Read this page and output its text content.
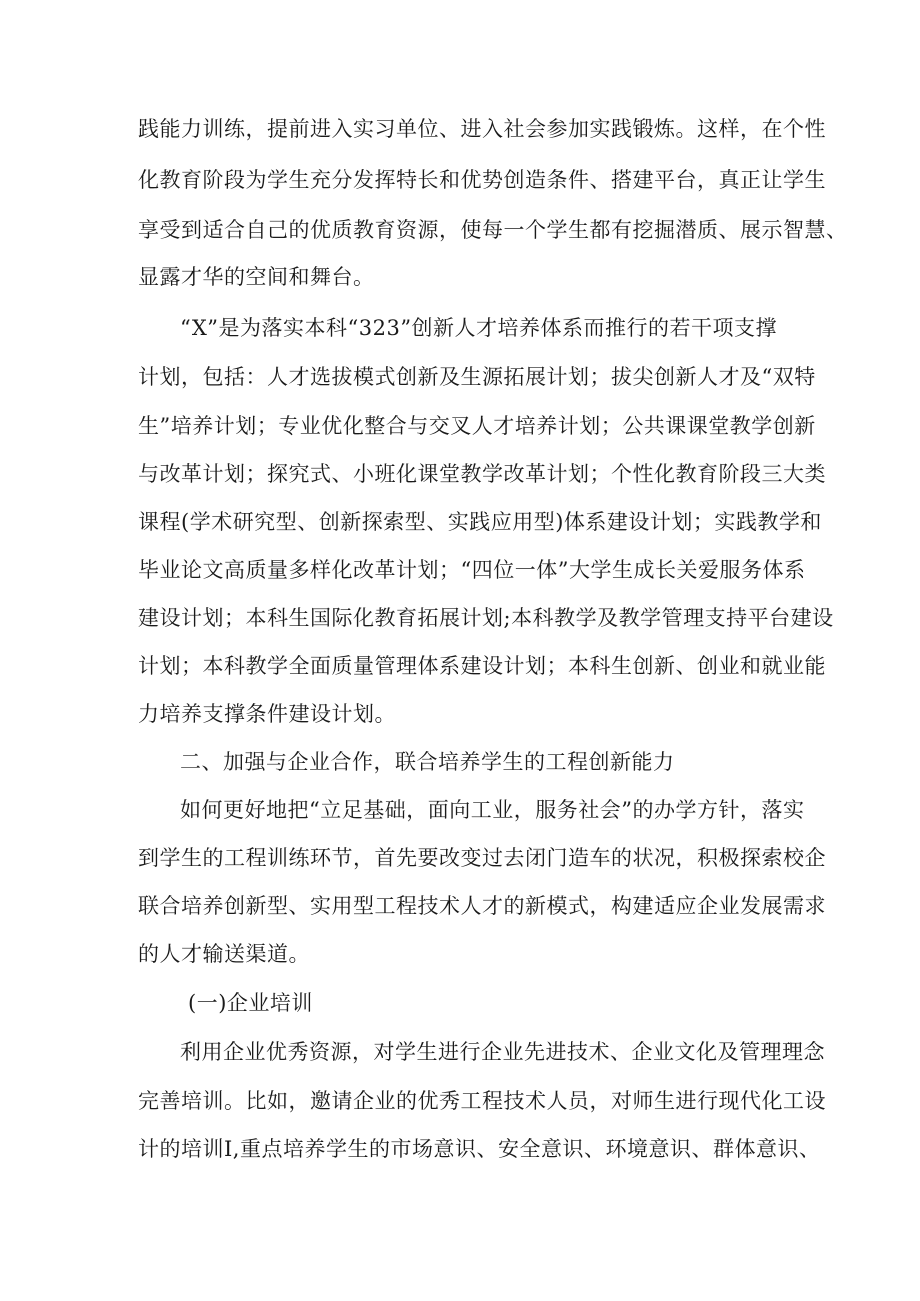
践能力训练，提前进入实习单位、进入社会参加实践锻炼。这样，在个性
化教育阶段为学生充分发挥特长和优势创造条件、搭建平台，真正让学生
享受到适合自己的优质教育资源，使每一个学生都有挖掘潜质、展示智慧、
显露才华的空间和舞台。
“X”是为落实本科“323”创新人才培养体系而推行的若干项支撑
计划，包括：人才选拔模式创新及生源拓展计划；拔尖创新人才及“双特
生”培养计划；专业优化整合与交叉人才培养计划；公共课课堂教学创新
与改革计划；探究式、小班化课堂教学改革计划；个性化教育阶段三大类
课程(学术研究型、创新探索型、实践应用型)体系建设计划；实践教学和
毕业论文高质量多样化改革计划；“四位一体”大学生成长关爱服务体系
建设计划；本科生国际化教育拓展计划;本科教学及教学管理支持平台建设
计划；本科教学全面质量管理体系建设计划；本科生创新、创业和就业能
力培养支撑条件建设计划。
二、加强与企业合作，联合培养学生的工程创新能力
如何更好地把“立足基础，面向工业，服务社会”的办学方针，落实
到学生的工程训练环节，首先要改变过去闭门造车的状况，积极探索校企
联合培养创新型、实用型工程技术人才的新模式，构建适应企业发展需求
的人才输送渠道。
(一)企业培训
利用企业优秀资源，对学生进行企业先进技术、企业文化及管理理念
完善培训。比如，邀请企业的优秀工程技术人员，对师生进行现代化工设
计的培训I,重点培养学生的市场意识、安全意识、环境意识、群体意识、
